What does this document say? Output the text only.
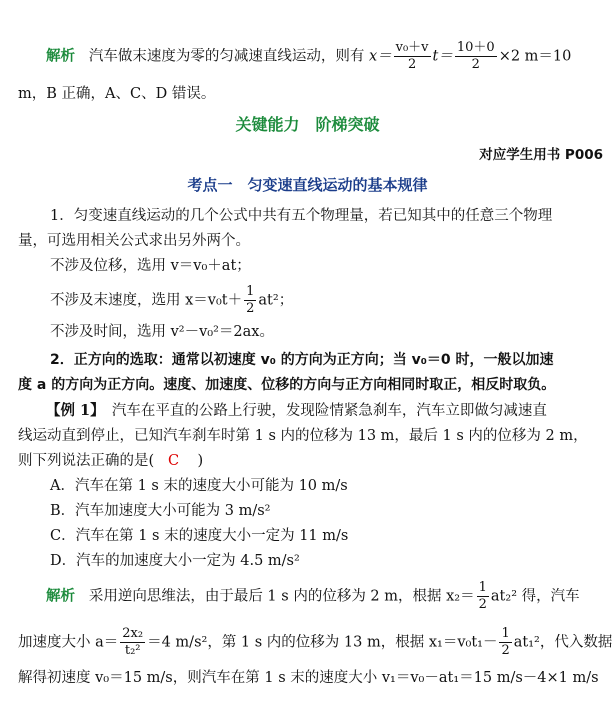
解析 汽车做末速度为零的匀减速直线运动，则有 $x= \frac{\text{v₀＋v}}{2} t= \frac{10+0}{2} \times 2$ m＝10
m，B 正确，A、C、D 错误。
关键能力　阶梯突破
对应学生用书 P006
考点一　匀变速直线运动的基本规律
1．匀变速直线运动的几个公式中共有五个物理量，若已知其中的任意三个物理
量，可选用相关公式求出另外两个。
不涉及位移，选用 v＝v₀＋at；
不涉及末速度，选用 $x=v_0t+ \frac{1}{2} at^2$；
不涉及时间，选用 v²－v₀²＝2ax。
2．正方向的选取：通常以初速度 v₀ 的方向为正方向；当 v₀＝0 时，一般以加速
度 a 的方向为正方向。速度、加速度、位移的方向与正方向相同时取正，相反时取负。
【例 1】　汽车在平直的公路上行驶，发现险情紧急刹车，汽车立即做匀减速直
线运动直到停止，已知汽车刹车时第 1 s 内的位移为 13 m，最后 1 s 内的位移为 2 m，
则下列说法正确的是( C )
A．汽车在第 1 s 末的速度大小可能为 10 m/s
B．汽车加速度大小可能为 3 m/s²
C．汽车在第 1 s 末的速度大小一定为 11 m/s
D．汽车的加速度大小一定为 4.5 m/s²
解析 采用逆向思维法，由于最后 1 s 内的位移为 2 m，根据 $x_2= \frac{1}{2} at_2^2$ 得，汽车
加速度大小 $a= \frac{\text{2x₂}}{\text{t₂²}} =4$ m/s²，第 1 s 内的位移为 13 m，根据 $x_1=v_0t_1- \frac{1}{2} at_1^2$，代入数据
解得初速度 v₀＝15 m/s，则汽车在第 1 s 末的速度大小 v₁＝v₀－at₁＝15 m/s－4×1 m/s
